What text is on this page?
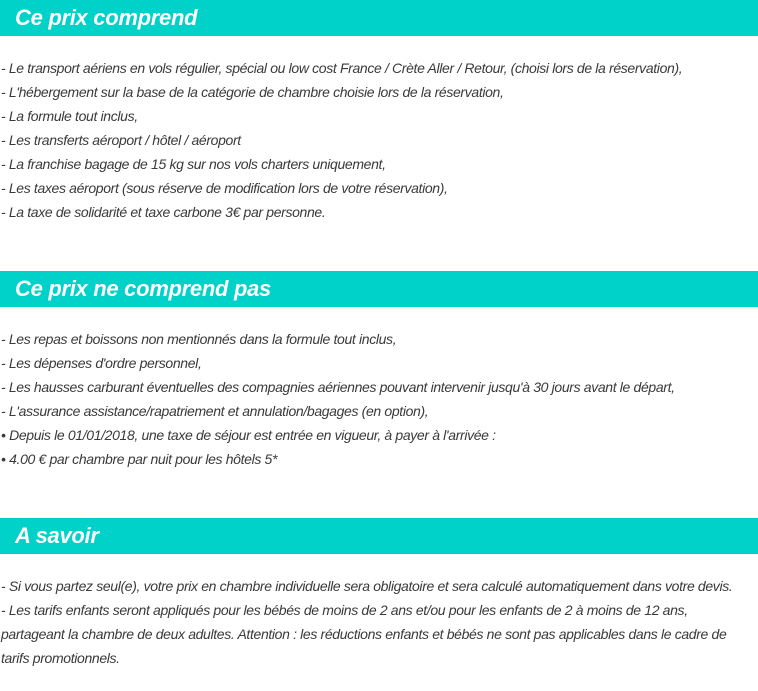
Ce prix comprend
- Le transport aériens en vols régulier, spécial ou low cost France / Crète Aller / Retour, (choisi lors de la réservation),
- L'hébergement sur la base de la catégorie de chambre choisie lors de la réservation,
- La formule tout inclus,
- Les transferts aéroport / hôtel / aéroport
- La franchise bagage de 15 kg sur nos vols charters uniquement,
- Les taxes aéroport (sous réserve de modification lors de votre réservation),
- La taxe de solidarité et taxe carbone 3€ par personne.
Ce prix ne comprend pas
- Les repas et boissons non mentionnés dans la formule tout inclus,
- Les dépenses d'ordre personnel,
- Les hausses carburant éventuelles des compagnies aériennes pouvant intervenir jusqu'à 30 jours avant le départ,
- L'assurance assistance/rapatriement et annulation/bagages (en option),
• Depuis le 01/01/2018, une taxe de séjour est entrée en vigueur, à payer à l'arrivée :
• 4.00 € par chambre par nuit pour les hôtels 5*
A savoir

- Si vous partez seul(e), votre prix en chambre individuelle sera obligatoire et sera calculé automatiquement dans votre devis.

- Les tarifs enfants seront appliqués pour les bébés de moins de 2 ans et/ou pour les enfants de 2 à moins de 12 ans, partageant la chambre de deux adultes. Attention : les réductions enfants et bébés ne sont pas applicables dans le cadre de tarifs promotionnels.
